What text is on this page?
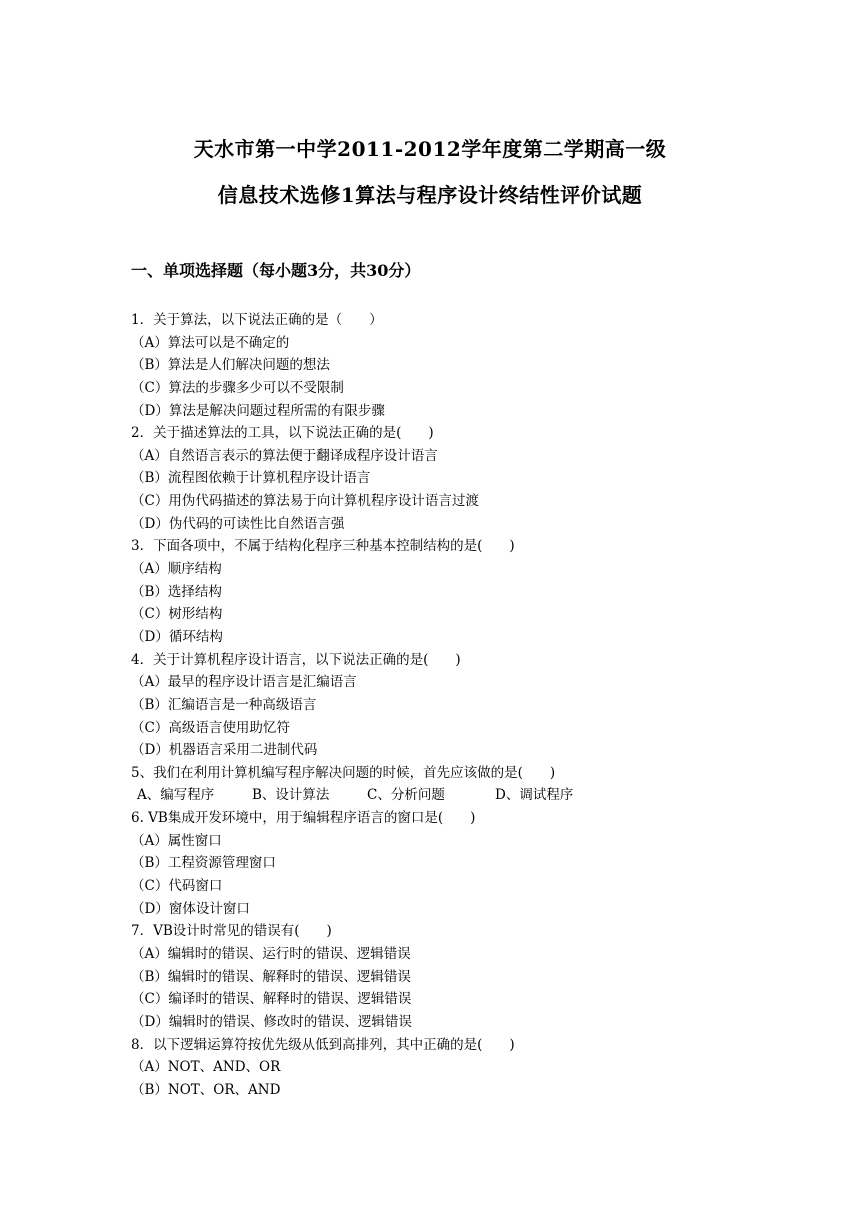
天水市第一中学2011-2012学年度第二学期高一级
信息技术选修1算法与程序设计终结性评价试题
一、单项选择题（每小题3分，共30分）
1．关于算法，以下说法正确的是（　　）
（A）算法可以是不确定的
（B）算法是人们解决问题的想法
（C）算法的步骤多少可以不受限制
（D）算法是解决问题过程所需的有限步骤
2．关于描述算法的工具，以下说法正确的是(　　)
（A）自然语言表示的算法便于翻译成程序设计语言
（B）流程图依赖于计算机程序设计语言
（C）用伪代码描述的算法易于向计算机程序设计语言过渡
（D）伪代码的可读性比自然语言强
3．下面各项中，不属于结构化程序三种基本控制结构的是(　　)
（A）顺序结构
（B）选择结构
（C）树形结构
（D）循环结构
4．关于计算机程序设计语言，以下说法正确的是(　　)
（A）最早的程序设计语言是汇编语言
（B）汇编语言是一种高级语言
（C）高级语言使用助忆符
（D）机器语言采用二进制代码
5、我们在利用计算机编写程序解决问题的时候，首先应该做的是(　　)
A、编写程序	B、设计算法	C、分析问题	D、调试程序
6. VB集成开发环境中，用于编辑程序语言的窗口是(　　)
（A）属性窗口
（B）工程资源管理窗口
（C）代码窗口
（D）窗体设计窗口
7．VB设计时常见的错误有(　　)
（A）编辑时的错误、运行时的错误、逻辑错误
（B）编辑时的错误、解释时的错误、逻辑错误
（C）编译时的错误、解释时的错误、逻辑错误
（D）编辑时的错误、修改时的错误、逻辑错误
8．以下逻辑运算符按优先级从低到高排列，其中正确的是(　　)
（A）NOT、AND、OR
（B）NOT、OR、AND
